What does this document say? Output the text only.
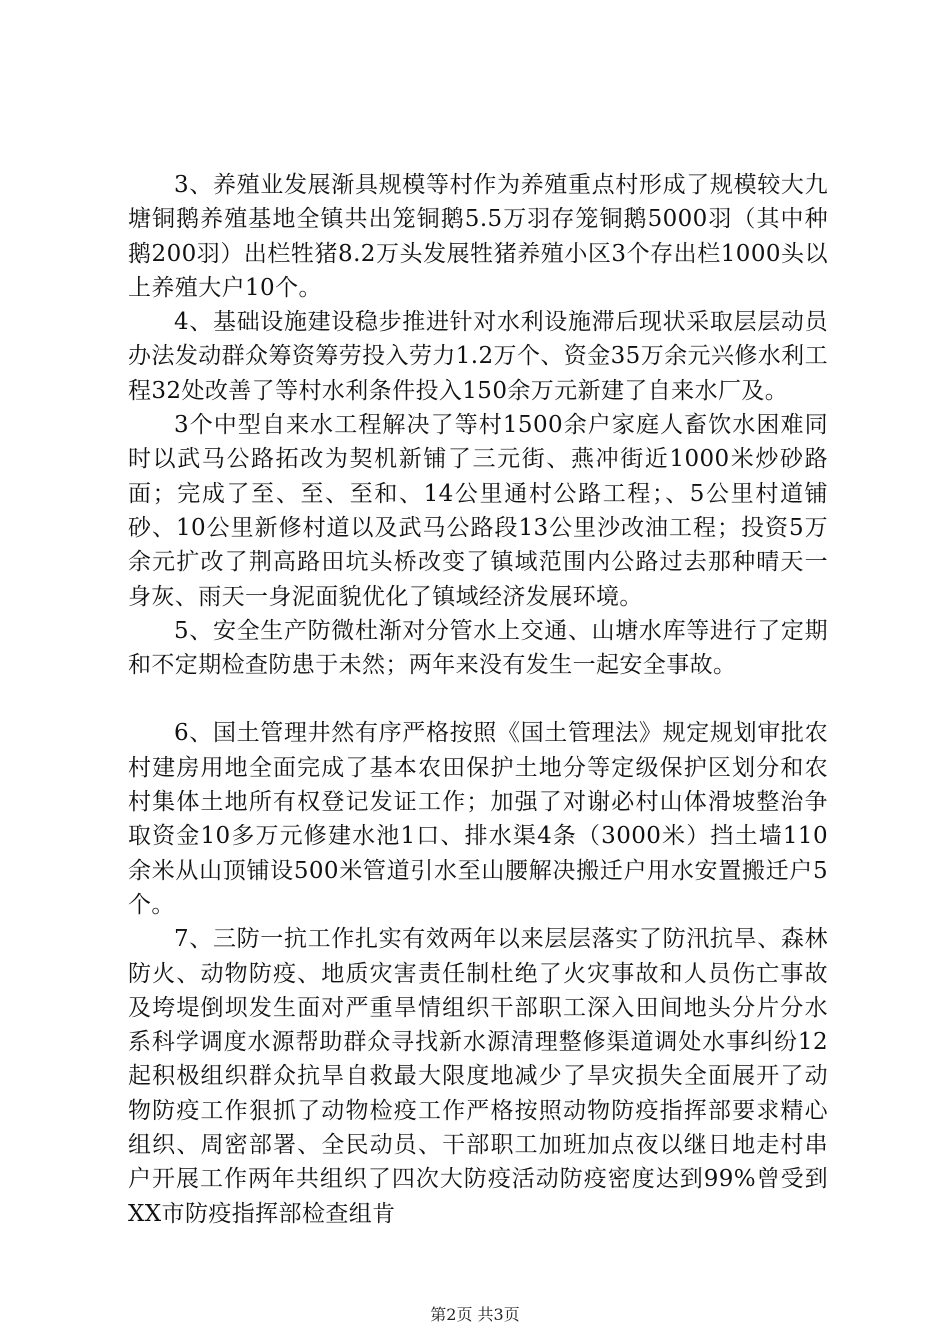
3、养殖业发展渐具规模等村作为养殖重点村形成了规模较大九塘铜鹅养殖基地全镇共出笼铜鹅5.5万羽存笼铜鹅5000羽（其中种鹅200羽）出栏牲猪8.2万头发展牲猪养殖小区3个存出栏1000头以上养殖大户10个。

4、基础设施建设稳步推进针对水利设施滞后现状采取层层动员办法发动群众筹资筹劳投入劳力1.2万个、资金35万余元兴修水利工程32处改善了等村水利条件投入150余万元新建了自来水厂及。

3个中型自来水工程解决了等村1500余户家庭人畜饮水困难同时以武马公路拓改为契机新铺了三元街、燕冲街近1000米炒砂路面；完成了至、至、至和、14公里通村公路工程；、5公里村道铺砂、10公里新修村道以及武马公路段13公里沙改油工程；投资5万余元扩改了荆高路田坑头桥改变了镇域范围内公路过去那种晴天一身灰、雨天一身泥面貌优化了镇域经济发展环境。

5、安全生产防微杜渐对分管水上交通、山塘水库等进行了定期和不定期检查防患于未然；两年来没有发生一起安全事故。

6、国土管理井然有序严格按照《国土管理法》规定规划审批农村建房用地全面完成了基本农田保护土地分等定级保护区划分和农村集体土地所有权登记发证工作；加强了对谢必村山体滑坡整治争取资金10多万元修建水池1口、排水渠4条（3000米）挡土墙110余米从山顶铺设500米管道引水至山腰解决搬迁户用水安置搬迁户5个。

7、三防一抗工作扎实有效两年以来层层落实了防汛抗旱、森林防火、动物防疫、地质灾害责任制杜绝了火灾事故和人员伤亡事故及垮堤倒坝发生面对严重旱情组织干部职工深入田间地头分片分水系科学调度水源帮助群众寻找新水源清理整修渠道调处水事纠纷12起积极组织群众抗旱自救最大限度地减少了旱灾损失全面展开了动物防疫工作狠抓了动物检疫工作严格按照动物防疫指挥部要求精心组织、周密部署、全民动员、干部职工加班加点夜以继日地走村串户开展工作两年共组织了四次大防疫活动防疫密度达到99%曾受到XX市防疫指挥部检查组肯

第2页 共3页
